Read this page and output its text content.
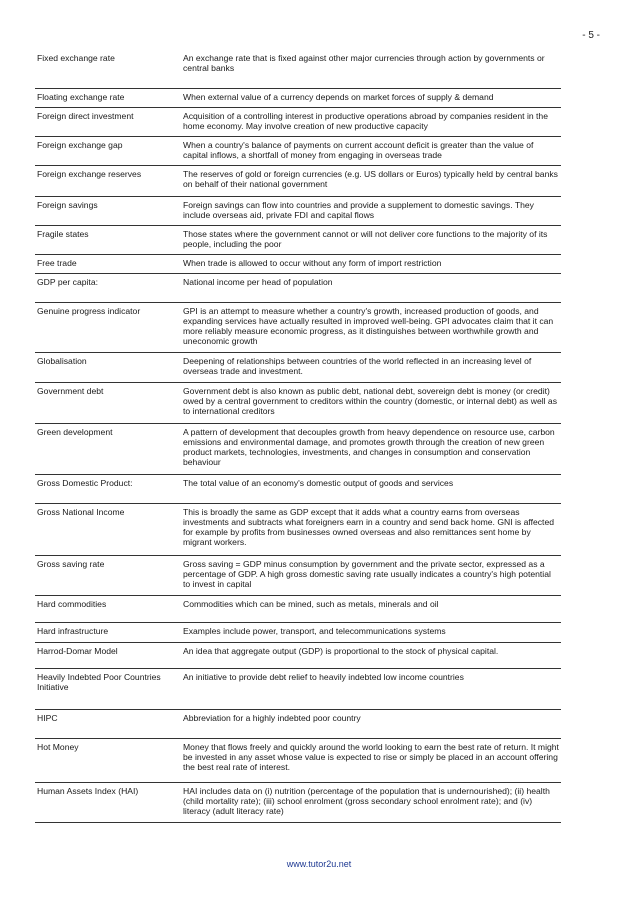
- 5 -
Fixed exchange rate	An exchange rate that is fixed against other major currencies through action by governments or central banks
Floating exchange rate	When external value of a currency depends on market forces of supply & demand
Foreign direct investment	Acquisition of a controlling interest in productive operations abroad by companies resident in the home economy. May involve creation of new productive capacity
Foreign exchange gap	When a country's balance of payments on current account deficit is greater than the value of capital inflows, a shortfall of money from engaging in overseas trade
Foreign exchange reserves	The reserves of gold or foreign currencies (e.g. US dollars or Euros) typically held by central banks on behalf of their national government
Foreign savings	Foreign savings can flow into countries and provide a supplement to domestic savings. They include overseas aid, private FDI and capital flows
Fragile states	Those states where the government cannot or will not deliver core functions to the majority of its people, including the poor
Free trade	When trade is allowed to occur without any form of import restriction
GDP per capita:	National income per head of population
Genuine progress indicator	GPI is an attempt to measure whether a country's growth, increased production of goods, and expanding services have actually resulted in improved well-being. GPI advocates claim that it can more reliably measure economic progress, as it distinguishes between worthwhile growth and uneconomic growth
Globalisation	Deepening of relationships between countries of the world reflected in an increasing level of overseas trade and investment.
Government debt	Government debt is also known as public debt, national debt, sovereign debt is money (or credit) owed by a central government to creditors within the country (domestic, or internal debt) as well as to international creditors
Green development	A pattern of development that decouples growth from heavy dependence on resource use, carbon emissions and environmental damage, and promotes growth through the creation of new green product markets, technologies, investments, and changes in consumption and conservation behaviour
Gross Domestic Product:	The total value of an economy's domestic output of goods and services
Gross National Income	This is broadly the same as GDP except that it adds what a country earns from overseas investments and subtracts what foreigners earn in a country and send back home. GNI is affected for example by profits from businesses owned overseas and also remittances sent home by migrant workers.
Gross saving rate	Gross saving = GDP minus consumption by government and the private sector, expressed as a percentage of GDP. A high gross domestic saving rate usually indicates a country's high potential to invest in capital
Hard commodities	Commodities which can be mined, such as metals, minerals and oil
Hard infrastructure	Examples include power, transport, and telecommunications systems
Harrod-Domar Model	An idea that aggregate output (GDP) is proportional to the stock of physical capital.
Heavily Indebted Poor Countries Initiative	An initiative to provide debt relief to heavily indebted low income countries
HIPC	Abbreviation for a highly indebted poor country
Hot Money	Money that flows freely and quickly around the world looking to earn the best rate of return. It might be invested in any asset whose value is expected to rise or simply be placed in an account offering the best real rate of interest.
Human Assets Index (HAI)	HAI includes data on (i) nutrition (percentage of the population that is undernourished); (ii) health (child mortality rate); (iii) school enrolment (gross secondary school enrolment rate); and (iv) literacy (adult literacy rate)
www.tutor2u.net
